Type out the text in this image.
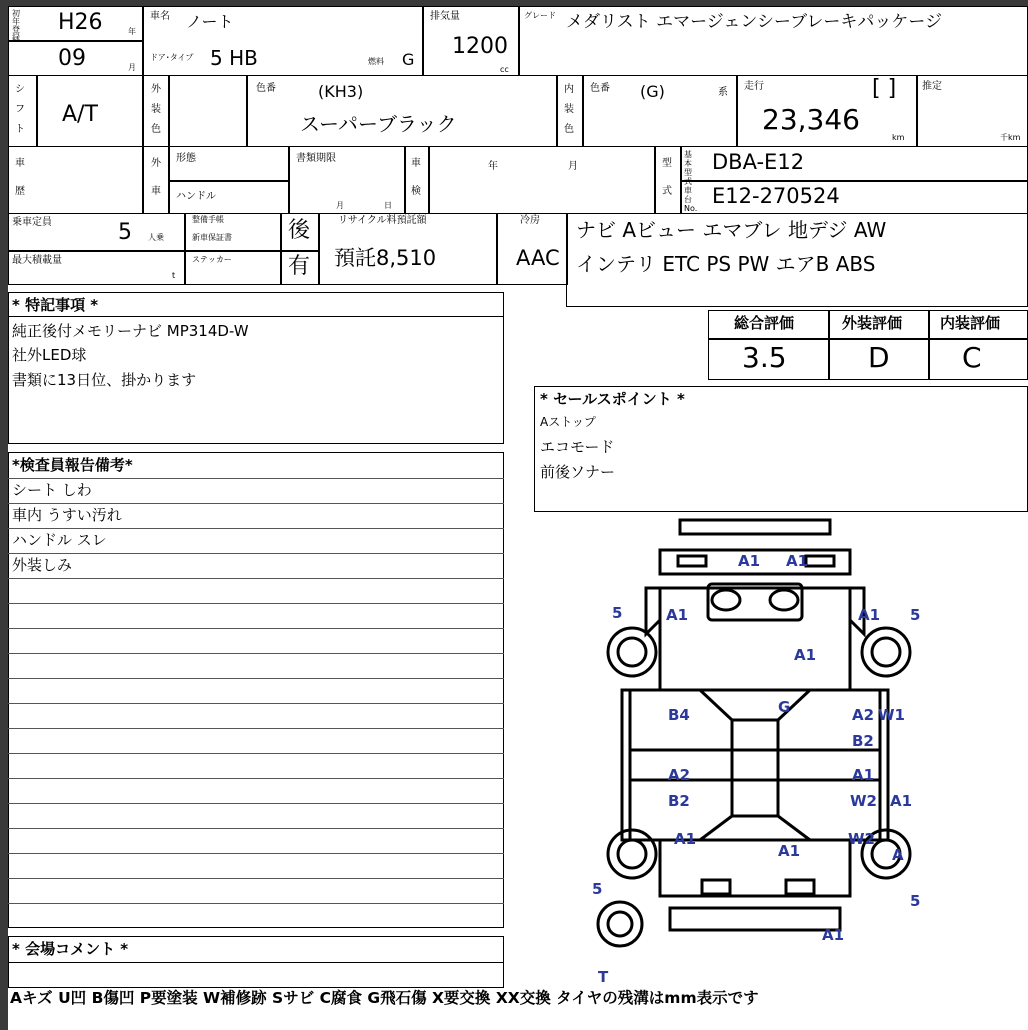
初年登録
H26	年
09	月
車名 ノート
ドア･タイプ 5 HB	燃料 G
排気量
1200
cc
グレード メダリスト エマージェンシーブレーキパッケージ
シフト
A/T
外装色
色番	(KH3)
スーパーブラック
内装色
色番 (G)	系
走行	[ ]
23,346
km
推定
千km
車歴
外車
形態
ハンドル
書類期限
月	日
車検
年	月	型式
基本型式
DBA-E12
車台No.
E12-270524
乗車定員	5 人乗
最大積載量
t
整備手帳
新車保証書
ステッカー
後
有
リサイクル料預託額
預託8,510
冷房
AAC
ナビ Aビュー エマブレ 地デジ AW
インテリ ETC PS PW エアB ABS
* 特記事項 *
純正後付メモリーナビ MP314D-W
社外LED球
書類に13日位、掛かります
総合評価	外装評価	内装評価
3.5	D	C
* セールスポイント *
Aストップ
エコモード
前後ソナー
*検査員報告備考*
シート しわ
車内 うすい汚れ
ハンドル スレ
外装しみ
* 会場コメント *
A1 A1
A1	A1
5	5
A1
B4	G	A2 W1
B2
A2
B2
A1
W2 A1
A1
A1
W2
A
5
5
A1
T
Aキズ U凹 B傷凹 P要塗装 W補修跡 Sサビ C腐食 G飛石傷 X要交換 XX交換 タイヤの残溝はmm表示です
